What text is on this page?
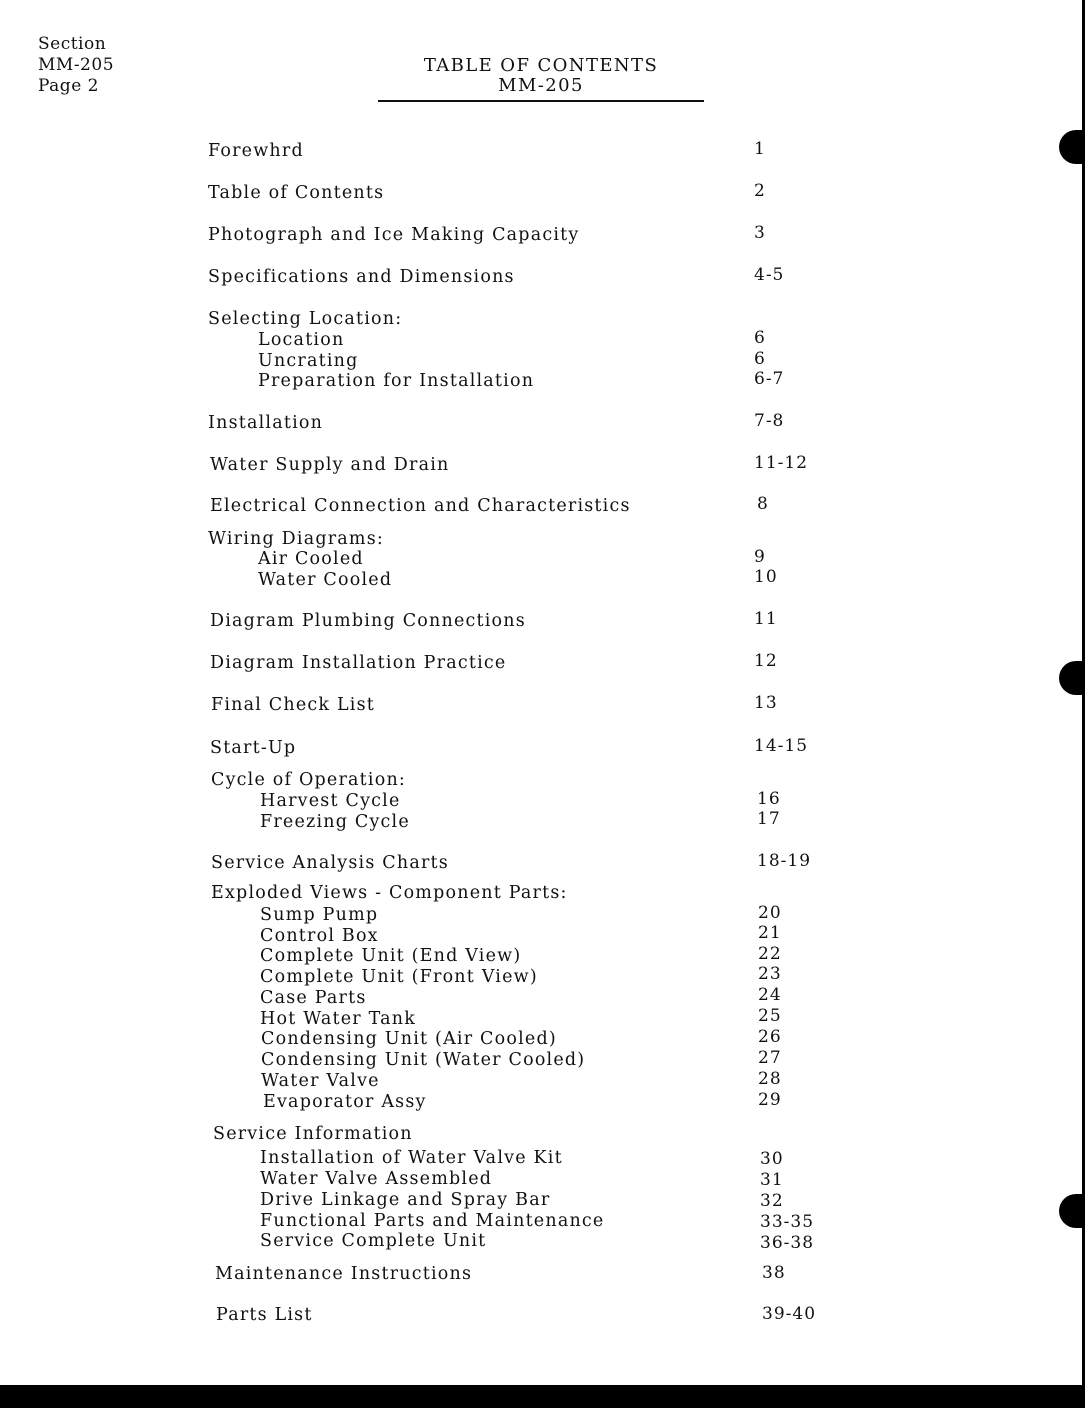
Section
MM-205
Page 2
TABLE OF CONTENTS
MM-205
Forewhrd	1
Table of Contents	2
Photograph and Ice Making Capacity	3
Specifications and Dimensions	4-5
Selecting Location:
Location	6
Uncrating	6
Preparation for Installation	6-7
Installation	7-8
Water Supply and Drain	11-12
Electrical Connection and Characteristics	8
Wiring Diagrams:
Air Cooled	9
Water Cooled	10
Diagram Plumbing Connections	11
Diagram Installation Practice	12
Final Check List	13
Start-Up	14-15
Cycle of Operation:
Harvest Cycle	16
Freezing Cycle	17
Service Analysis Charts	18-19
Exploded Views - Component Parts:
Sump Pump	20
Control Box	21
Complete Unit (End View)	22
Complete Unit (Front View)	23
Case Parts	24
Hot Water Tank	25
Condensing Unit (Air Cooled)	26
Condensing Unit (Water Cooled)	27
Water Valve	28
Evaporator Assy	29
Service Information
Installation of Water Valve Kit	30
Water Valve Assembled	31
Drive Linkage and Spray Bar	32
Functional Parts and Maintenance	33-35
Service Complete Unit	36-38
Maintenance Instructions	38
Parts List	39-40
